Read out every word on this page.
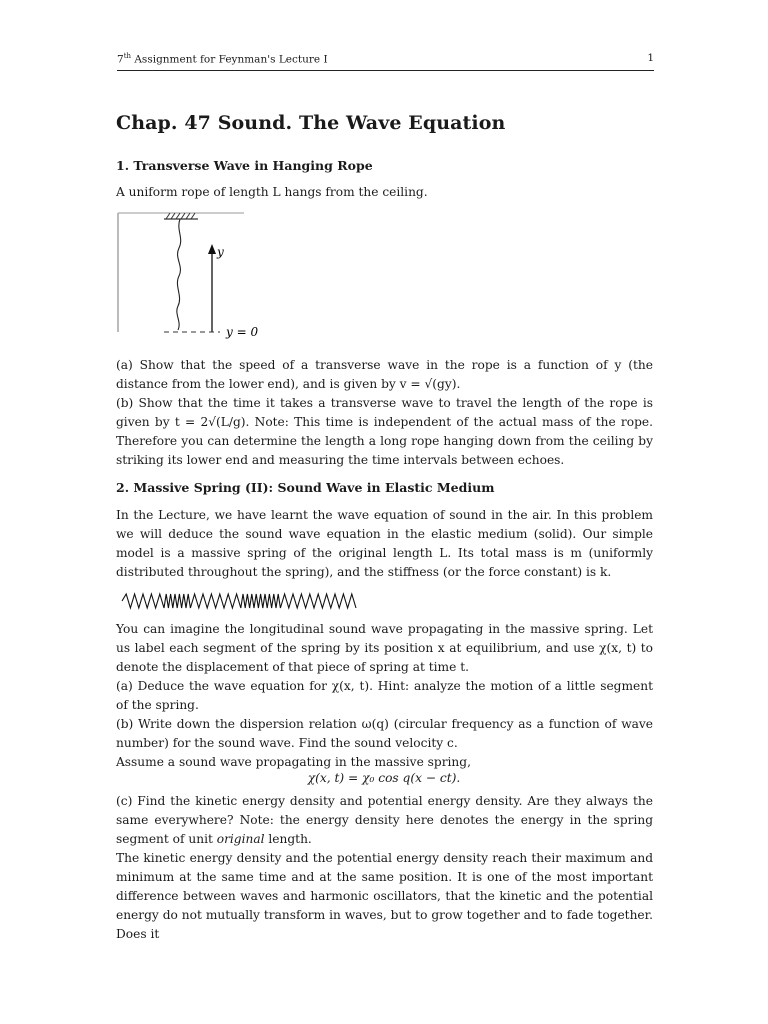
7th Assignment for Feynman's Lecture I	1
Chap. 47 Sound. The Wave Equation
1. Transverse Wave in Hanging Rope
A uniform rope of length L hangs from the ceiling.
y
y = 0
(a) Show that the speed of a transverse wave in the rope is a function of y (the distance from the lower end), and is given by v = √(gy).
(b) Show that the time it takes a transverse wave to travel the length of the rope is given by t = 2√(L/g). Note: This time is independent of the actual mass of the rope. Therefore you can determine the length a long rope hanging down from the ceiling by striking its lower end and measuring the time intervals between echoes.
2. Massive Spring (II): Sound Wave in Elastic Medium
In the Lecture, we have learnt the wave equation of sound in the air. In this problem we will deduce the sound wave equation in the elastic medium (solid). Our simple model is a massive spring of the original length L. Its total mass is m (uniformly distributed throughout the spring), and the stiffness (or the force constant) is k.
You can imagine the longitudinal sound wave propagating in the massive spring. Let us label each segment of the spring by its position x at equilibrium, and use χ(x, t) to denote the displacement of that piece of spring at time t.
(a) Deduce the wave equation for χ(x, t). Hint: analyze the motion of a little segment of the spring.
(b) Write down the dispersion relation ω(q) (circular frequency as a function of wave number) for the sound wave. Find the sound velocity c.
Assume a sound wave propagating in the massive spring,
χ(x, t) = χ₀ cos q(x − ct).
(c) Find the kinetic energy density and potential energy density. Are they always the same everywhere? Note: the energy density here denotes the energy in the spring segment of unit original length.
The kinetic energy density and the potential energy density reach their maximum and minimum at the same time and at the same position. It is one of the most important difference between waves and harmonic oscillators, that the kinetic and the potential energy do not mutually transform in waves, but to grow together and to fade together. Does it
